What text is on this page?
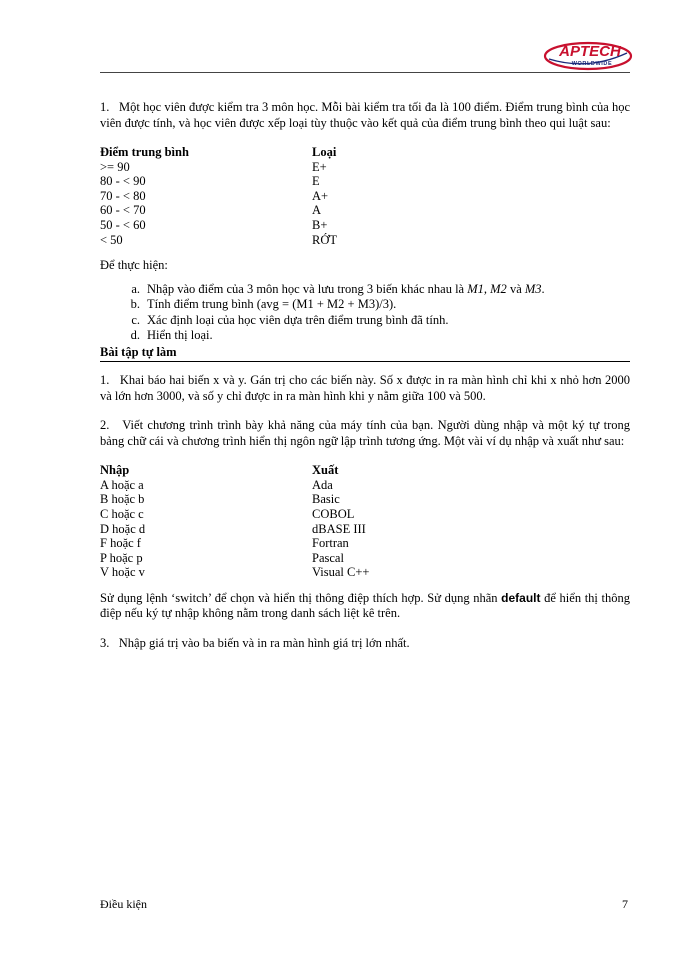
APTECH
WORLDWIDE

1. Một học viên được kiểm tra 3 môn học. Mỗi bài kiểm tra tối đa là 100 điểm. Điểm trung bình của học viên được tính, và học viên được xếp loại tùy thuộc vào kết quả của điểm trung bình theo qui luật sau:

Điểm trung bình	Loại
>= 90	E+
80 - < 90	E
70 - < 80	A+
60 - < 70	A
50 - < 60	B+
< 50	RỚT
Để thực hiện:
a. Nhập vào điểm của 3 môn học và lưu trong 3 biến khác nhau là M1, M2 và M3.
b. Tính điểm trung bình (avg = (M1 + M2 + M3)/3).
c. Xác định loại của học viên dựa trên điểm trung bình đã tính.
d. Hiển thị loại.
Bài tập tự làm

1. Khai báo hai biến x và y. Gán trị cho các biến này. Số x được in ra màn hình chỉ khi x nhỏ hơn 2000 và lớn hơn 3000, và số y chỉ được in ra màn hình khi y nằm giữa 100 và 500.

2. Viết chương trình trình bày khả năng của máy tính của bạn. Người dùng nhập và một ký tự trong bảng chữ cái và chương trình hiển thị ngôn ngữ lập trình tương ứng. Một vài ví dụ nhập và xuất như sau:

Nhập	Xuất
A hoặc a	Ada
B hoặc b	Basic
C hoặc c	COBOL
D hoặc d	dBASE III
F hoặc f	Fortran
P hoặc p	Pascal
V hoặc v	Visual C++

Sử dụng lệnh ‘switch’ để chọn và hiển thị thông điệp thích hợp. Sử dụng nhãn default để hiển thị thông điệp nếu ký tự nhập không nằm trong danh sách liệt kê trên.

3. Nhập giá trị vào ba biến và in ra màn hình giá trị lớn nhất.

Điều kiện	7
